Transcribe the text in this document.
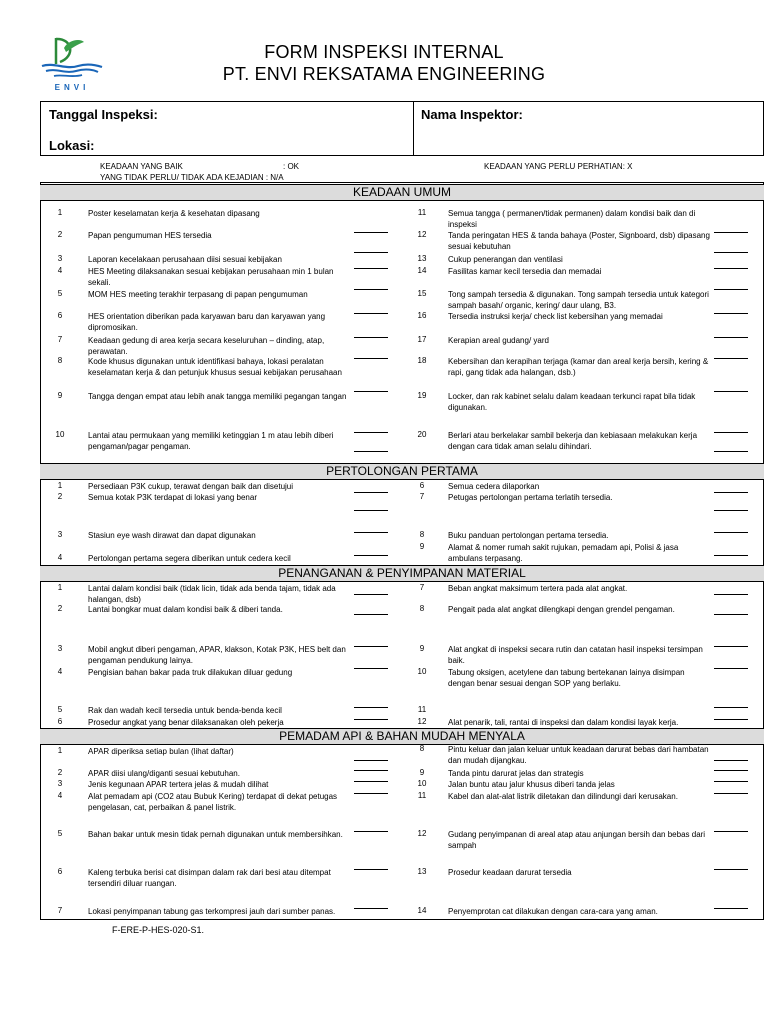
ENVI
FORM INSPEKSI INTERNAL
PT. ENVI REKSATAMA ENGINEERING
Tanggal Inspeksi:
Lokasi:
Nama Inspektor:
KEADAAN YANG BAIK	: OK	KEADAAN YANG PERLU PERHATIAN: X
YANG TIDAK PERLU/ TIDAK ADA KEJADIAN : N/A
KEADAAN UMUM
1	Poster keselamatan kerja & kesehatan dipasang
2	Papan pengumuman HES tersedia
3	Laporan kecelakaan perusahaan diisi sesuai kebijakan
4	HES Meeting dilaksanakan sesuai kebijakan perusahaan min 1 bulan sekali.
5	MOM HES meeting terakhir terpasang di papan pengumuman
6	HES orientation diberikan pada karyawan baru dan karyawan yang dipromosikan.
7	Keadaan gedung di area kerja secara keseluruhan – dinding, atap, perawatan.
8	Kode khusus digunakan untuk identifikasi bahaya, lokasi peralatan keselamatan kerja & dan petunjuk khusus sesuai kebijakan perusahaan
9	Tangga dengan empat atau lebih anak tangga memiliki pegangan tangan
10	Lantai atau permukaan yang memiliki ketinggian 1 m atau lebih diberi pengaman/pagar pengaman.
11	Semua tangga ( permanen/tidak permanen) dalam kondisi baik dan di inspeksi
12	Tanda peringatan HES & tanda bahaya (Poster, Signboard, dsb) dipasang sesuai kebutuhan
13	Cukup penerangan dan ventilasi
14	Fasilitas kamar kecil tersedia dan memadai
15	Tong sampah tersedia & digunakan. Tong sampah tersedia untuk kategori sampah basah/ organic, kering/ daur ulang, B3.
16	Tersedia instruksi kerja/ check list kebersihan yang memadai
17	Kerapian areal gudang/ yard
18	Kebersihan dan kerapihan terjaga (kamar dan areal kerja bersih, kering & rapi, gang tidak ada halangan, dsb.)
19	Locker, dan rak kabinet selalu dalam keadaan terkunci rapat bila tidak digunakan.
20	Berlari atau berkelakar sambil bekerja dan kebiasaan melakukan kerja dengan cara tidak aman selalu dihindari.
PERTOLONGAN PERTAMA
1	Persediaan P3K cukup, terawat dengan baik dan disetujui
2	Semua kotak P3K terdapat di lokasi yang benar
3	Stasiun eye wash dirawat dan dapat digunakan
4	Pertolongan pertama segera diberikan untuk cedera kecil
6	Semua cedera dilaporkan
7	Petugas pertolongan pertama terlatih tersedia.
8	Buku panduan pertolongan pertama tersedia.
9	Alamat & nomer rumah sakit rujukan, pemadam api, Polisi & jasa ambulans terpasang.
PENANGANAN & PENYIMPANAN MATERIAL
1	Lantai dalam kondisi baik (tidak licin, tidak ada benda tajam, tidak ada halangan, dsb)
2	Lantai bongkar muat dalam kondisi baik & diberi tanda.
3	Mobil angkut diberi pengaman, APAR, klakson, Kotak P3K, HES belt dan pengaman pendukung lainya.
4	Pengisian bahan bakar pada truk dilakukan diluar gedung
5	Rak dan wadah kecil tersedia untuk benda-benda kecil
6	Prosedur angkat yang benar dilaksanakan oleh pekerja
7	Beban angkat maksimum tertera pada alat angkat.
8	Pengait pada alat angkat dilengkapi dengan grendel pengaman.
9	Alat angkat di inspeksi secara rutin dan catatan hasil inspeksi tersimpan baik.
10	Tabung oksigen, acetylene dan tabung bertekanan lainya disimpan dengan benar sesuai dengan SOP yang berlaku.
11
12	Alat penarik, tali, rantai di inspeksi dan dalam kondisi layak kerja.
PEMADAM API & BAHAN MUDAH MENYALA
1	APAR diperiksa setiap bulan (lihat daftar)
2	APAR diisi ulang/diganti sesuai kebutuhan.
3	Jenis kegunaan APAR tertera jelas & mudah dilihat
4	Alat pemadam api (CO2 atau Bubuk Kering) terdapat di dekat petugas pengelasan, cat, perbaikan & panel listrik.
5	Bahan bakar untuk mesin tidak pernah digunakan untuk membersihkan.
6	Kaleng terbuka berisi cat disimpan dalam rak dari besi atau ditempat tersendiri diluar ruangan.
7	Lokasi penyimpanan tabung gas terkompresi jauh dari sumber panas.
8	Pintu keluar dan jalan keluar untuk keadaan darurat bebas dari hambatan dan mudah dijangkau.
9	Tanda pintu darurat jelas dan strategis
10	Jalan buntu atau jalur khusus diberi tanda jelas
11	Kabel dan alat-alat listrik diletakan dan dilindungi dari kerusakan.
12	Gudang penyimpanan di areal atap atau anjungan bersih dan bebas dari sampah
13	Prosedur keadaan darurat tersedia
14	Penyemprotan cat dilakukan dengan cara-cara yang aman.
F-ERE-P-HES-020-S1.
